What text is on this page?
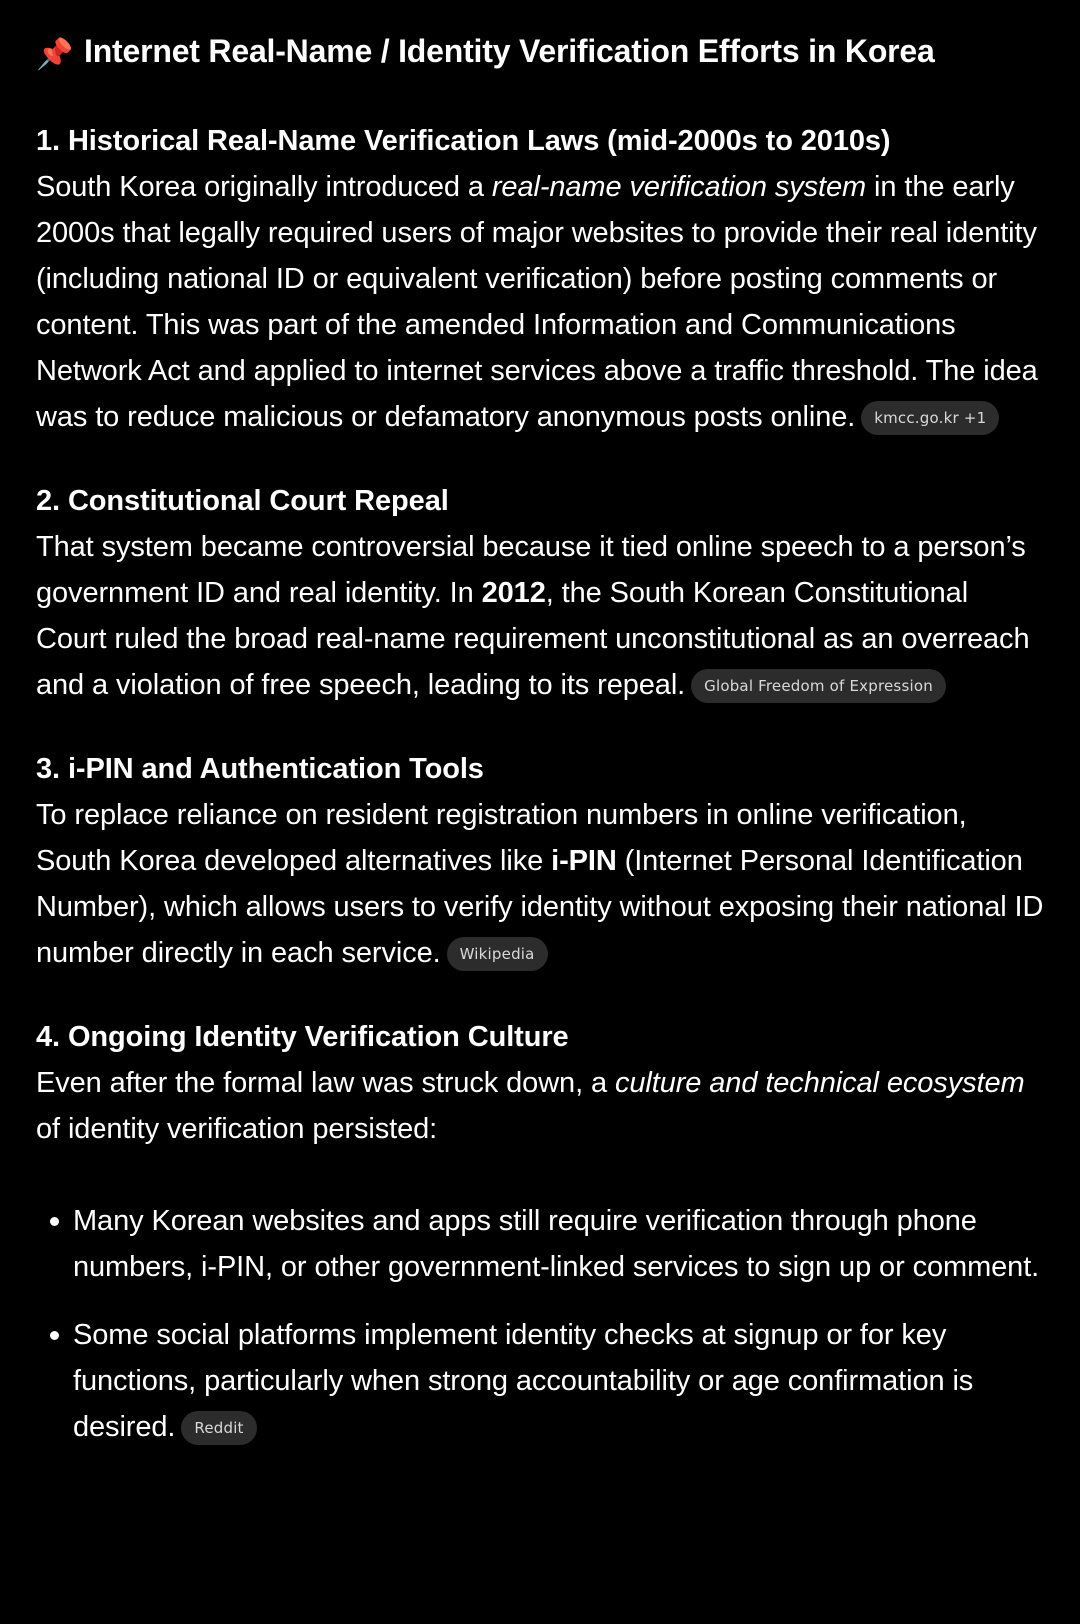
📌 Internet Real-Name / Identity Verification Efforts in Korea
1. Historical Real-Name Verification Laws (mid-2000s to 2010s)

South Korea originally introduced a real-name verification system in the early 2000s that legally required users of major websites to provide their real identity (including national ID or equivalent verification) before posting comments or content. This was part of the amended Information and Communications Network Act and applied to internet services above a traffic threshold. The idea was to reduce malicious or defamatory anonymous posts online. kmcc.go.kr +1

2. Constitutional Court Repeal

That system became controversial because it tied online speech to a person’s government ID and real identity. In 2012, the South Korean Constitutional Court ruled the broad real-name requirement unconstitutional as an overreach and a violation of free speech, leading to its repeal. Global Freedom of Expression

3. i-PIN and Authentication Tools

To replace reliance on resident registration numbers in online verification, South Korea developed alternatives like i-PIN (Internet Personal Identification Number), which allows users to verify identity without exposing their national ID number directly in each service. Wikipedia

4. Ongoing Identity Verification Culture

Even after the formal law was struck down, a culture and technical ecosystem of identity verification persisted:

Many Korean websites and apps still require verification through phone numbers, i-PIN, or other government-linked services to sign up or comment.
Some social platforms implement identity checks at signup or for key functions, particularly when strong accountability or age confirmation is desired. Reddit
